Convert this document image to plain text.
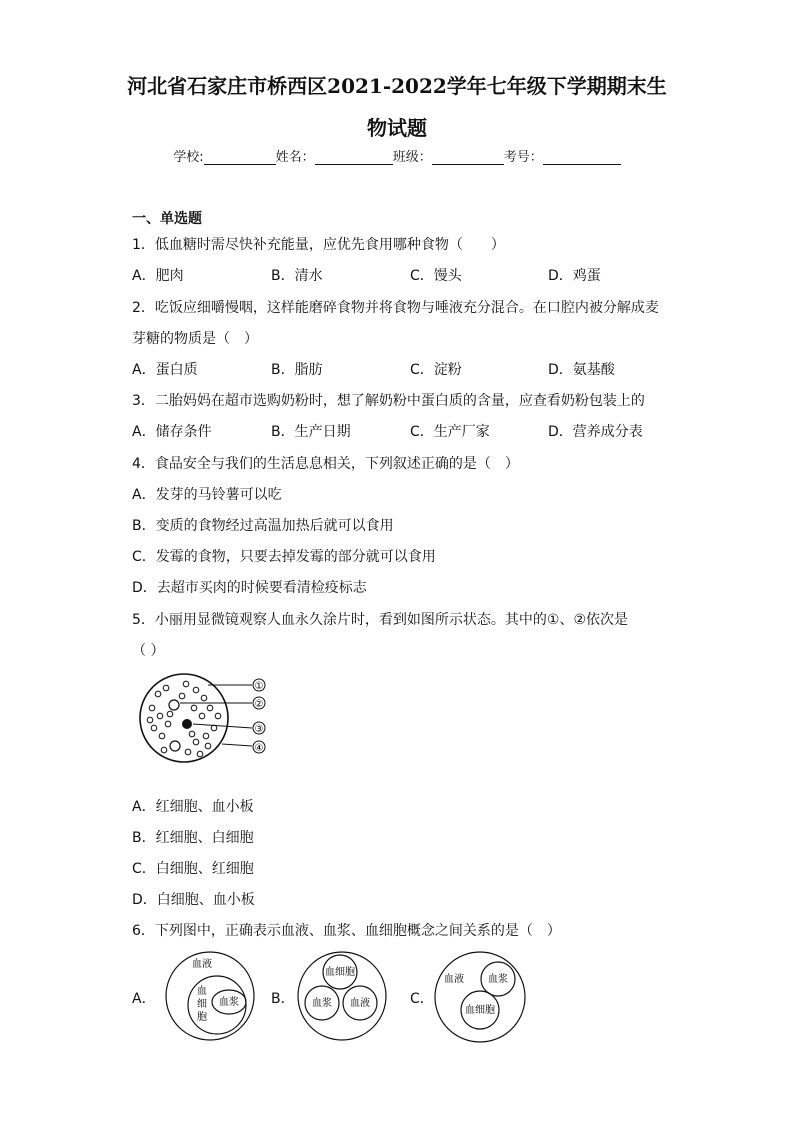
河北省石家庄市桥西区2021-2022学年七年级下学期期末生
物试题
学校:	姓名：	班级：	考号：
一、单选题
1．低血糖时需尽快补充能量，应优先食用哪种食物（　　）
A．肥肉	B．清水	C．馒头	D．鸡蛋
2．吃饭应细嚼慢咽，这样能磨碎食物并将食物与唾液充分混合。在口腔内被分解成麦
芽糖的物质是（　）
A．蛋白质	B．脂肪	C．淀粉	D．氨基酸
3．二胎妈妈在超市选购奶粉时，想了解奶粉中蛋白质的含量，应查看奶粉包装上的
A．储存条件	B．生产日期	C．生产厂家	D．营养成分表
4．食品安全与我们的生活息息相关，下列叙述正确的是（　）
A．发芽的马铃薯可以吃
B．变质的食物经过高温加热后就可以食用
C．发霉的食物，只要去掉发霉的部分就可以食用
D．去超市买肉的时候要看清检疫标志
5．小丽用显微镜观察人血永久涂片时，看到如图所示状态。其中的①、②依次是
（ ）
①
②
③
④
A．红细胞、血小板
B．红细胞、白细胞
C．白细胞、红细胞
D．白细胞、血小板
6．下列图中，正确表示血液、血浆、血细胞概念之间关系的是（　）
A．
血液
血
细
胞
血浆 B．
血细胞
血浆 血液	C．
血液 血浆
血细胞
